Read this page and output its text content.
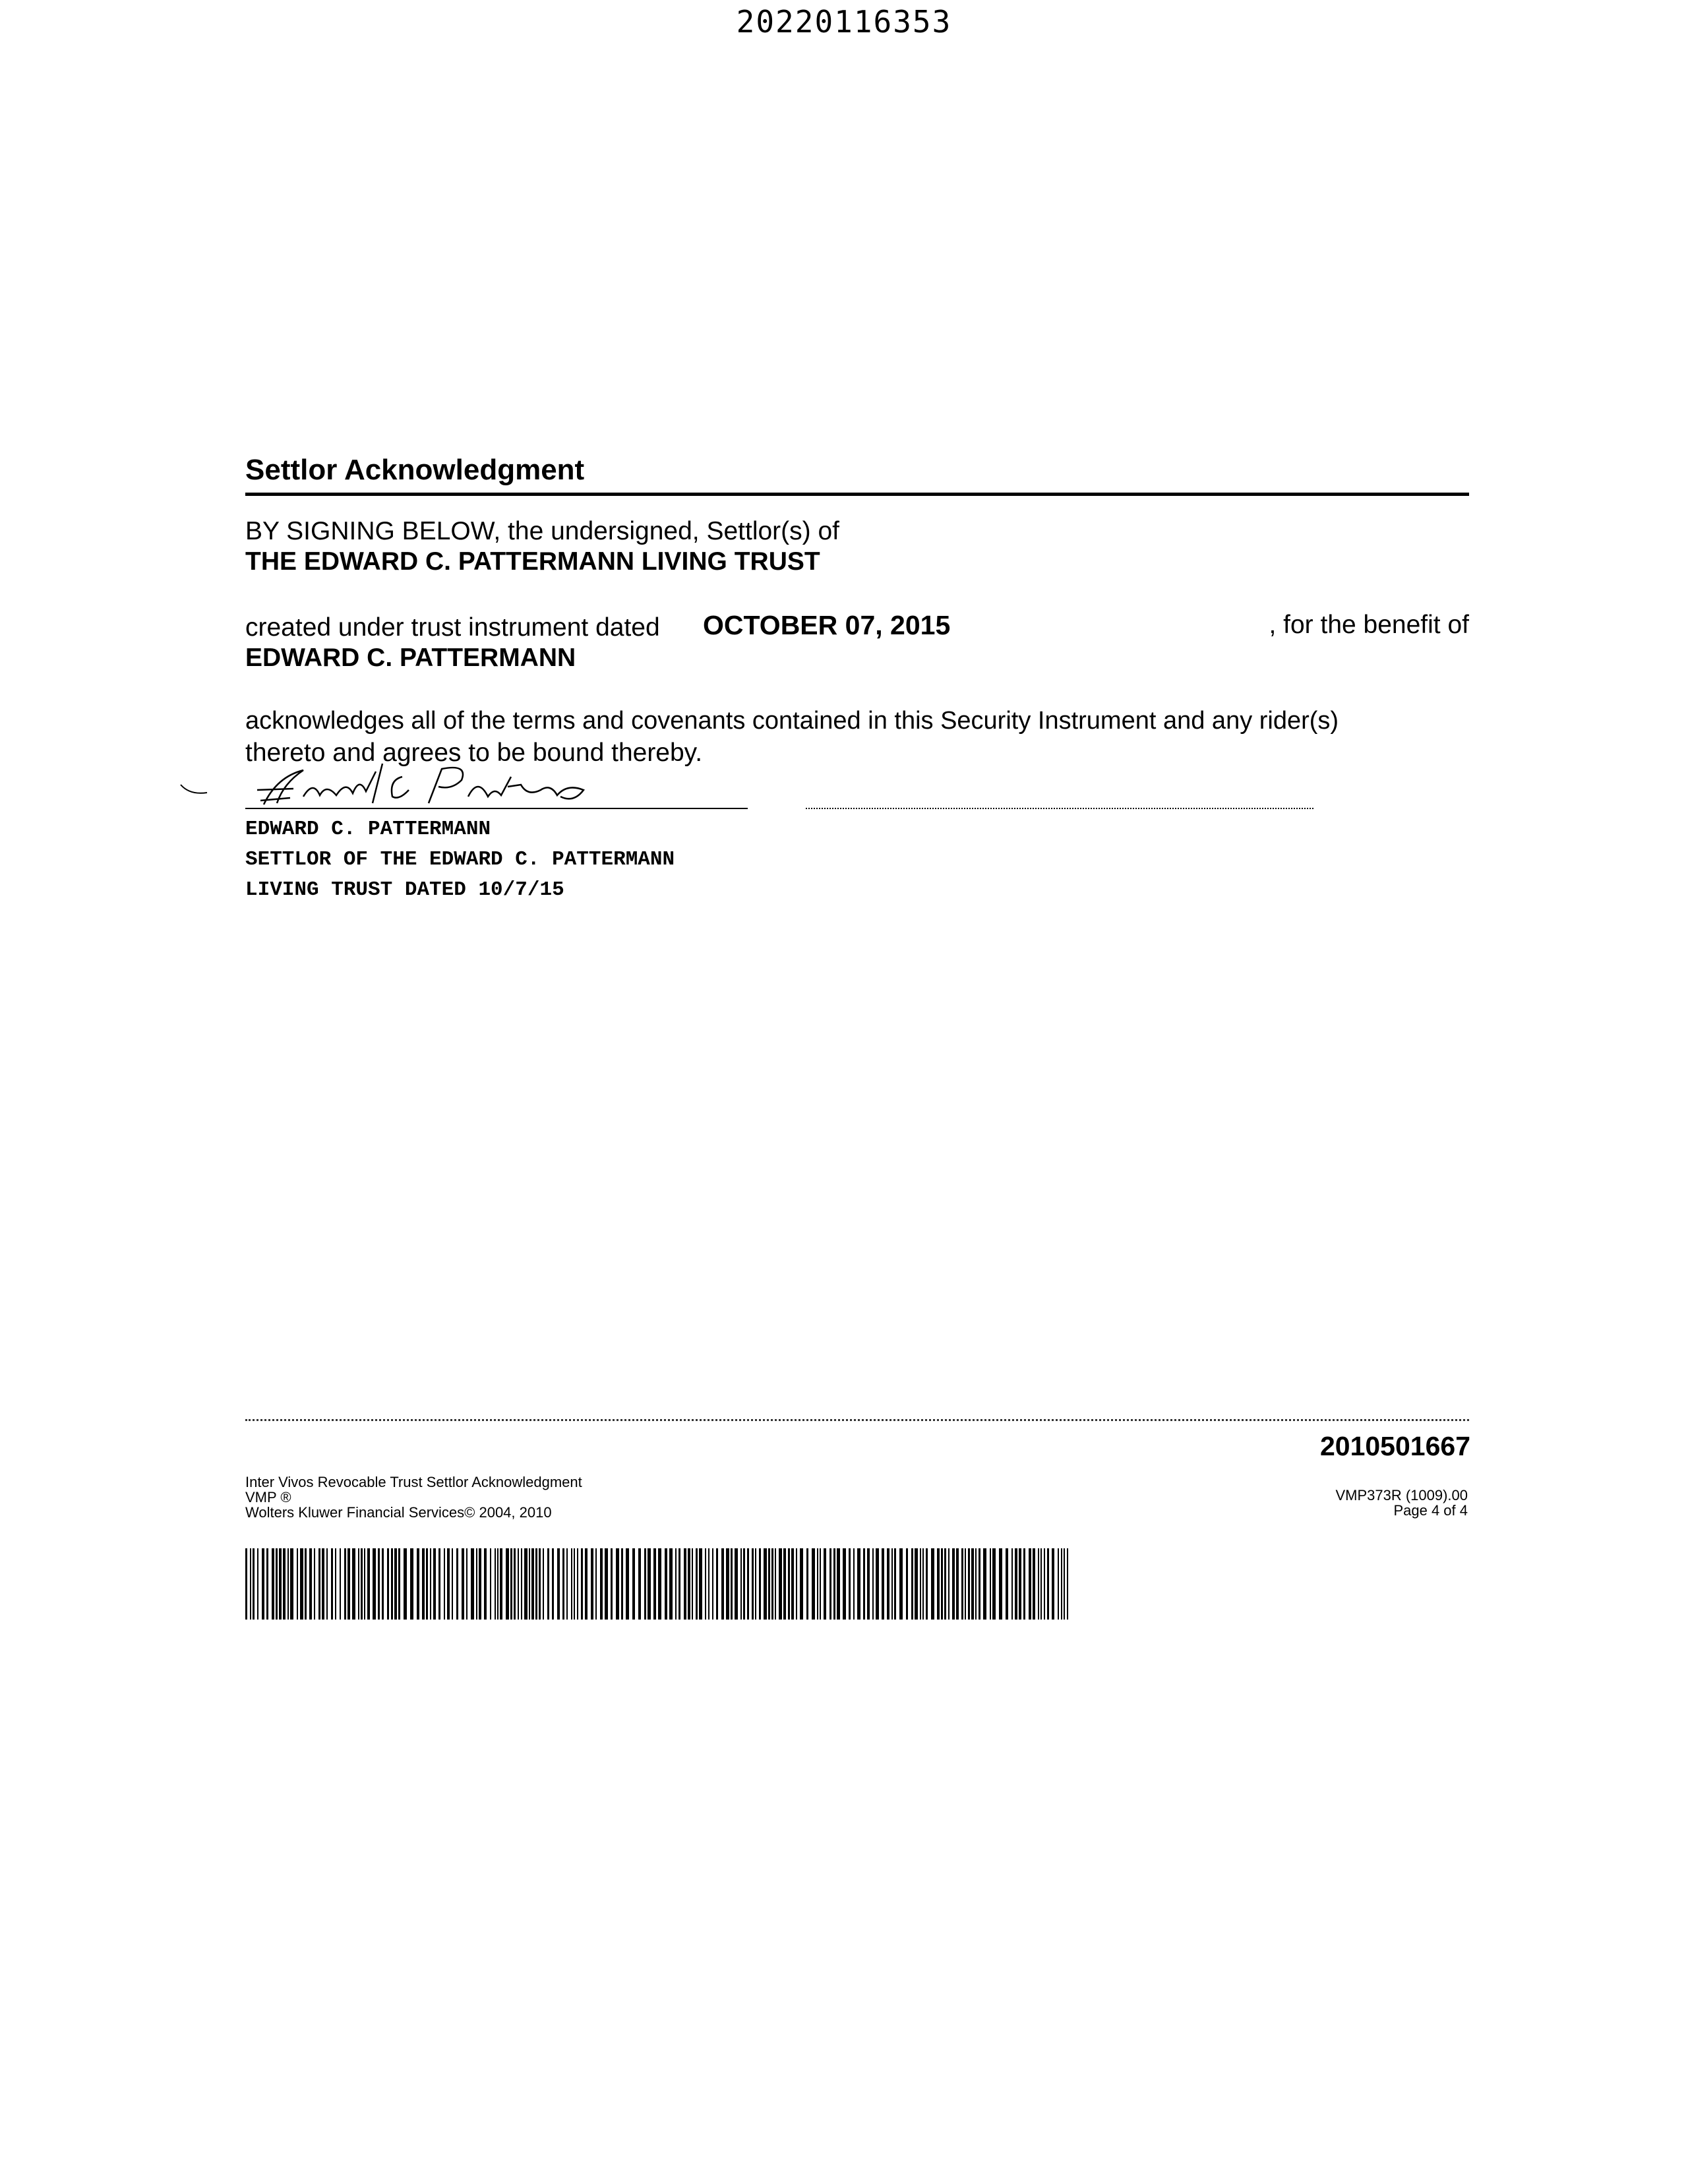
20220116353
Settlor Acknowledgment
BY SIGNING BELOW, the undersigned, Settlor(s) of
THE EDWARD C. PATTERMANN LIVING TRUST
created under trust instrument dated OCTOBER 07, 2015	, for the benefit of
EDWARD C. PATTERMANN
acknowledges all of the terms and covenants contained in this Security Instrument and any rider(s)
thereto and agrees to be bound thereby.
EDWARD C. PATTERMANN
SETTLOR OF THE EDWARD C. PATTERMANN
LIVING TRUST DATED 10/7/15
2010501667
Inter Vivos Revocable Trust Settlor Acknowledgment
VMP ®
Wolters Kluwer Financial Services© 2004, 2010
VMP373R (1009).00
Page 4 of 4
